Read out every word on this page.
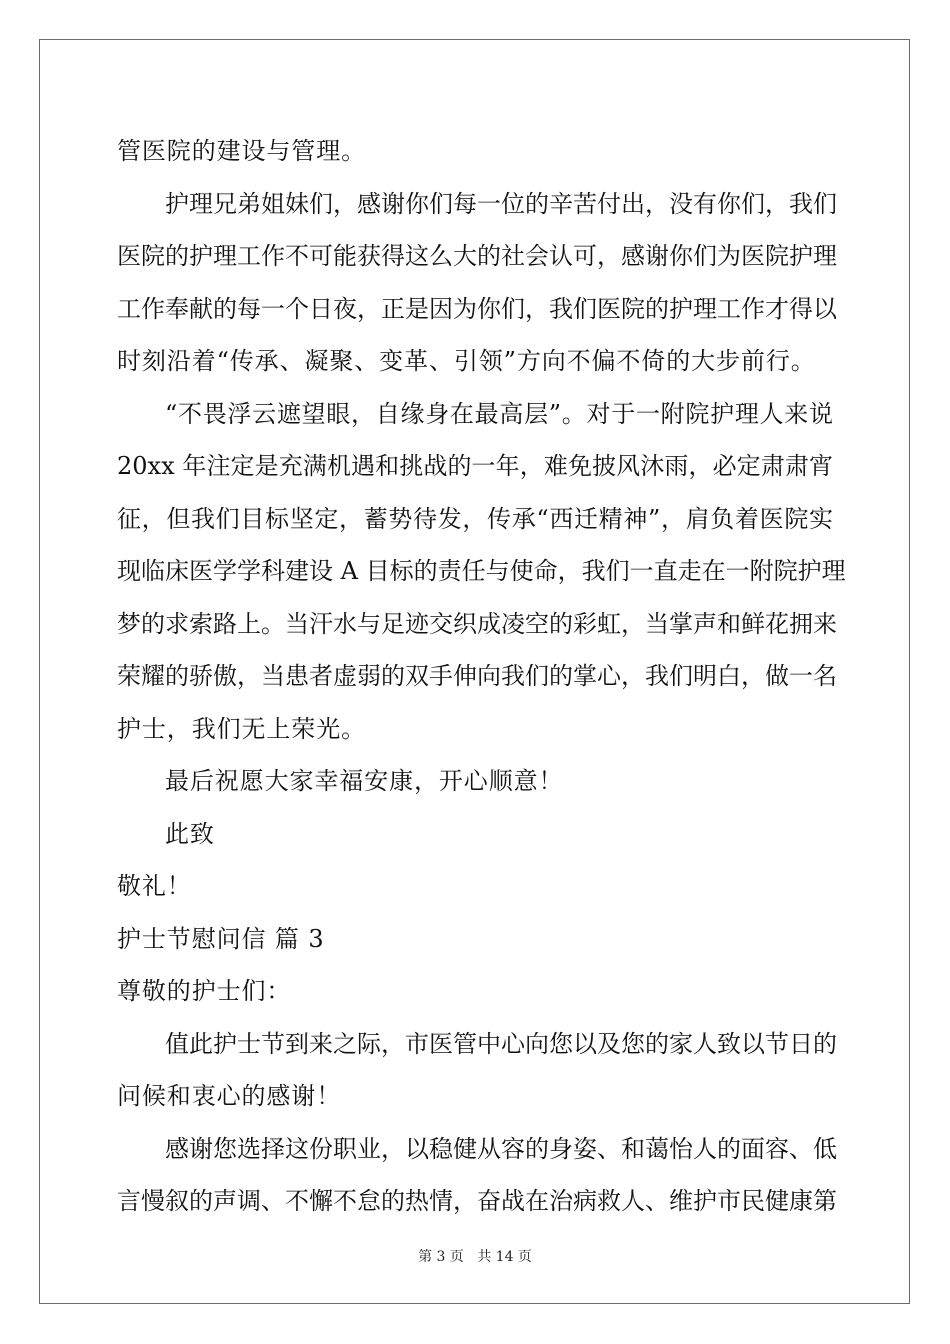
管医院的建设与管理。
护理兄弟姐妹们，感谢你们每一位的辛苦付出，没有你们，我们
医院的护理工作不可能获得这么大的社会认可，感谢你们为医院护理
工作奉献的每一个日夜，正是因为你们，我们医院的护理工作才得以
时刻沿着“传承、凝聚、变革、引领”方向不偏不倚的大步前行。
“不畏浮云遮望眼，自缘身在最高层”。对于一附院护理人来说
20xx 年注定是充满机遇和挑战的一年，难免披风沐雨，必定肃肃宵
征，但我们目标坚定，蓄势待发，传承“西迁精神”，肩负着医院实
现临床医学学科建设 A 目标的责任与使命，我们一直走在一附院护理
梦的求索路上。当汗水与足迹交织成凌空的彩虹，当掌声和鲜花拥来
荣耀的骄傲，当患者虚弱的双手伸向我们的掌心，我们明白，做一名
护士，我们无上荣光。
最后祝愿大家幸福安康，开心顺意！
此致
敬礼！
护士节慰问信 篇 3
尊敬的护士们：
值此护士节到来之际，市医管中心向您以及您的家人致以节日的
问候和衷心的感谢！
感谢您选择这份职业，以稳健从容的身姿、和蔼怡人的面容、低
言慢叙的声调、不懈不怠的热情，奋战在治病救人、维护市民健康第
第 3 页   共 14 页
